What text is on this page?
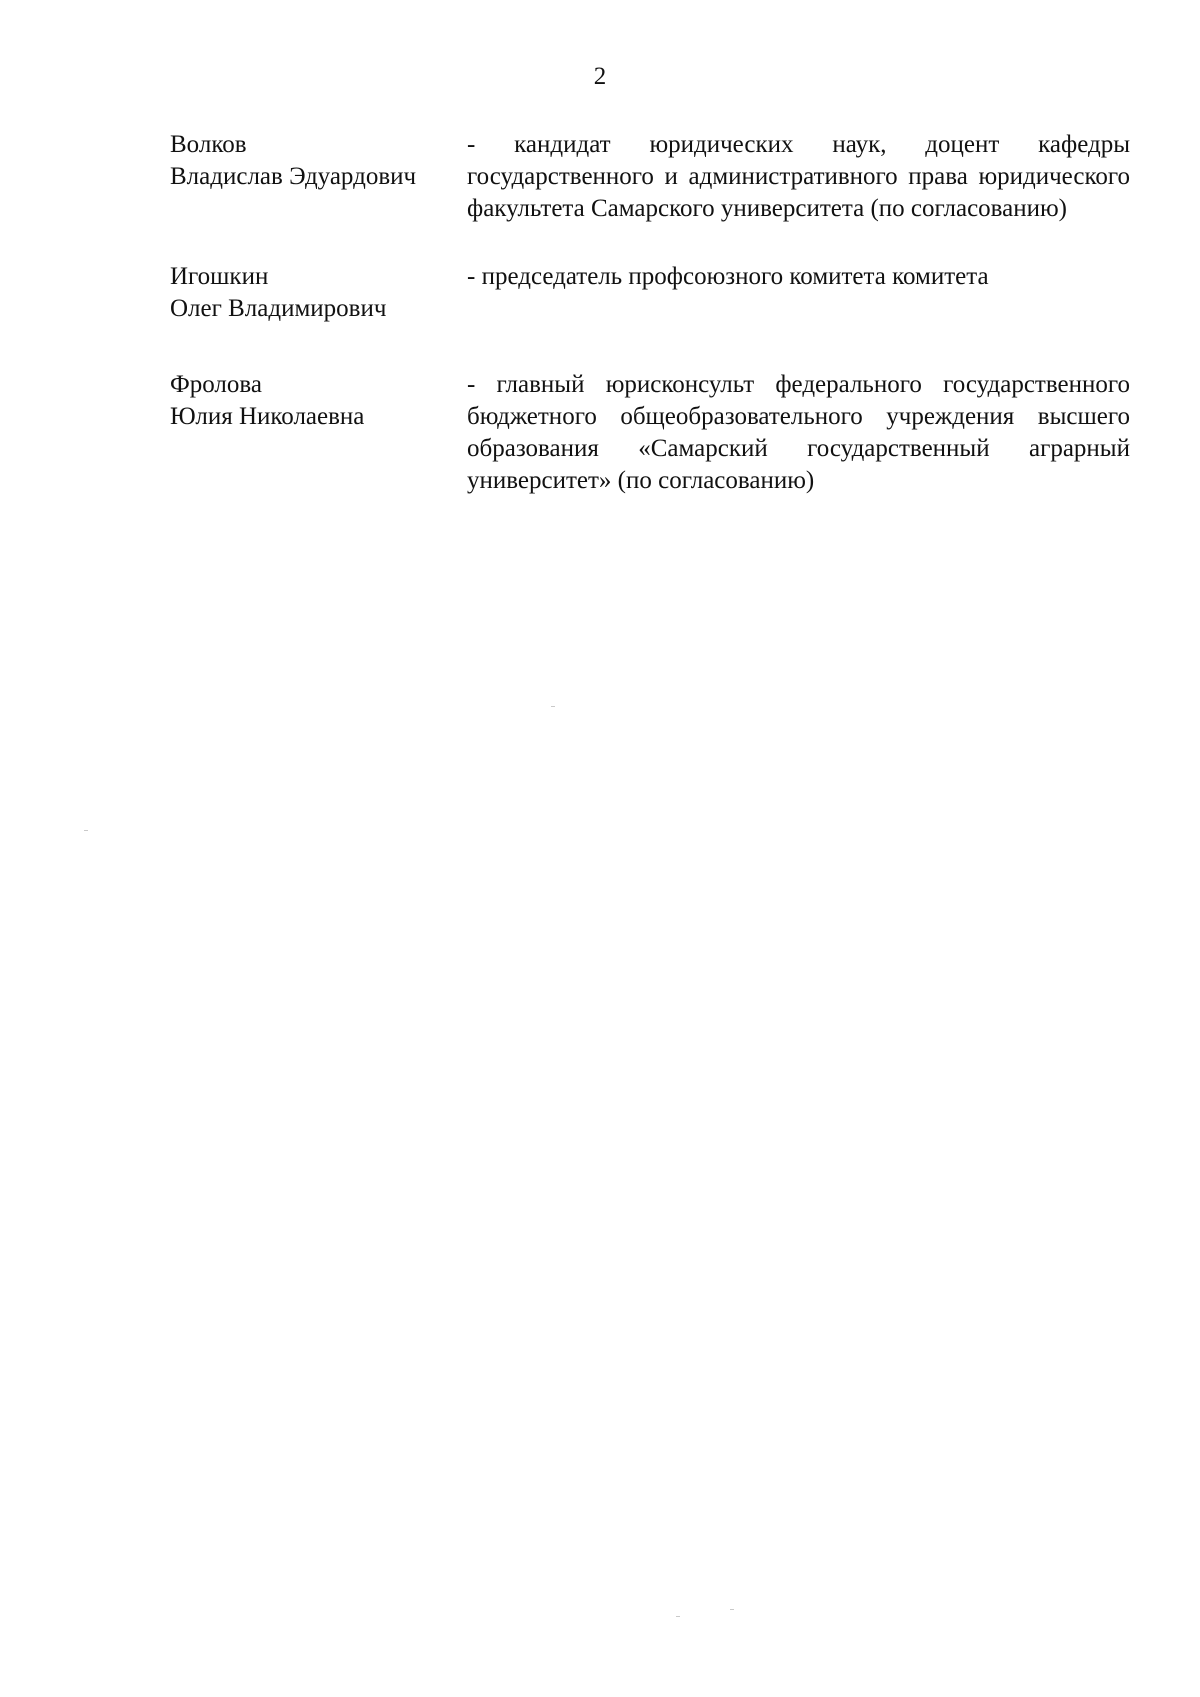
2
Волков
Владислав Эдуардович
- кандидат юридических наук, доцент кафедры государственного и административного права юридического факультета Самарского университета (по согласованию)
Игошкин
Олег Владимирович
- председатель профсоюзного комитета комитета
Фролова
Юлия Николаевна
- главный юрисконсульт федерального государственного бюджетного общеобразовательного учреждения высшего образования «Самарский государственный аграрный университет» (по согласованию)
